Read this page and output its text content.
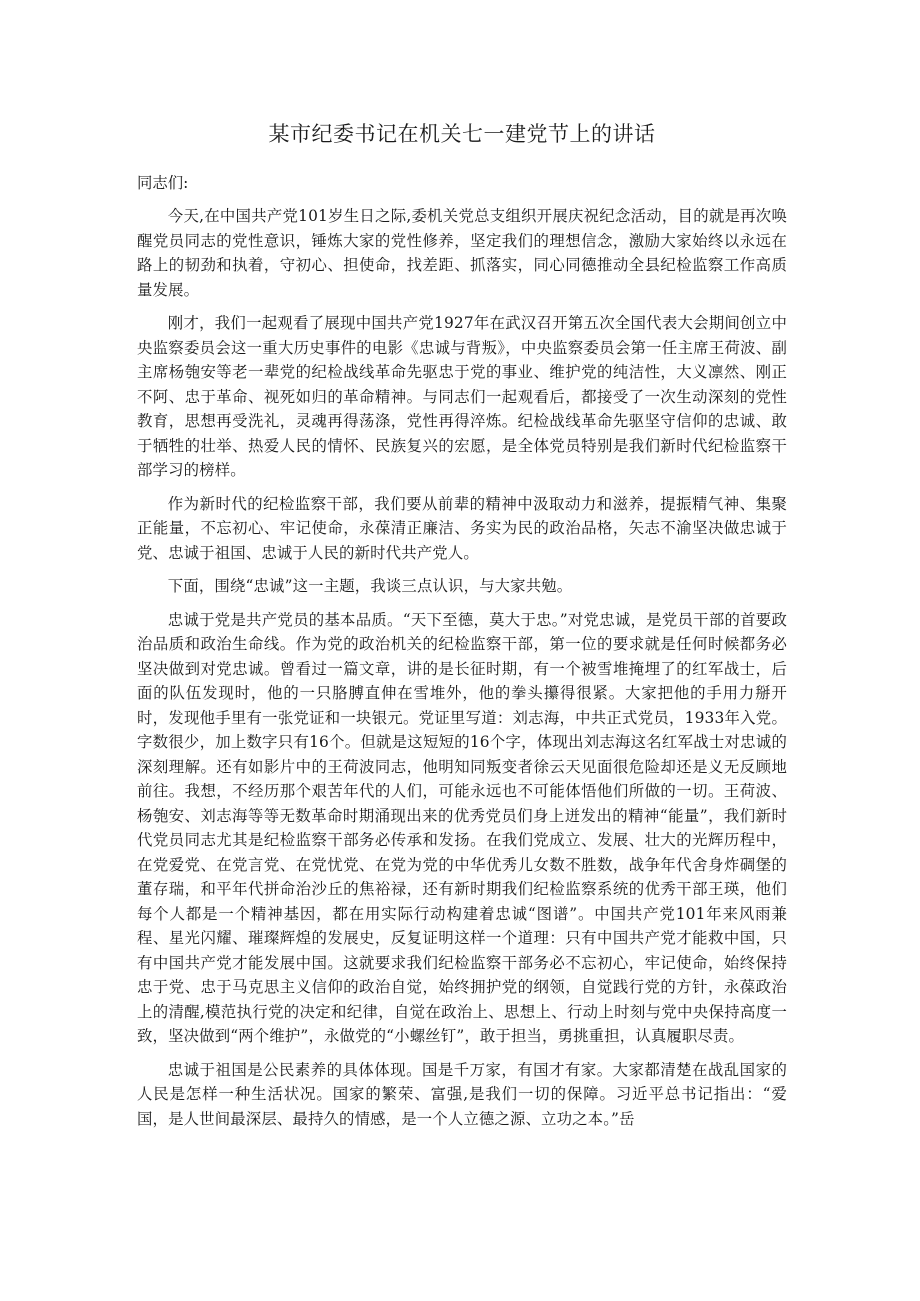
某市纪委书记在机关七一建党节上的讲话

同志们:

今天,在中国共产党101岁生日之际,委机关党总支组织开展庆祝纪念活动，目的就是再次唤醒党员同志的党性意识，锤炼大家的党性修养，坚定我们的理想信念，激励大家始终以永远在路上的韧劲和执着，守初心、担使命，找差距、抓落实，同心同德推动全县纪检监察工作高质量发展。

刚才，我们一起观看了展现中国共产党1927年在武汉召开第五次全国代表大会期间创立中央监察委员会这一重大历史事件的电影《忠诚与背叛》，中央监察委员会第一任主席王荷波、副主席杨匏安等老一辈党的纪检战线革命先驱忠于党的事业、维护党的纯洁性，大义凛然、刚正不阿、忠于革命、视死如归的革命精神。与同志们一起观看后，都接受了一次生动深刻的党性教育，思想再受洗礼，灵魂再得荡涤，党性再得淬炼。纪检战线革命先驱坚守信仰的忠诚、敢于牺牲的壮举、热爱人民的情怀、民族复兴的宏愿，是全体党员特别是我们新时代纪检监察干部学习的榜样。

作为新时代的纪检监察干部，我们要从前辈的精神中汲取动力和滋养，提振精气神、集聚正能量，不忘初心、牢记使命，永葆清正廉洁、务实为民的政治品格，矢志不渝坚决做忠诚于党、忠诚于祖国、忠诚于人民的新时代共产党人。

下面，围绕“忠诚”这一主题，我谈三点认识，与大家共勉。

忠诚于党是共产党员的基本品质。“天下至德，莫大于忠。”对党忠诚，是党员干部的首要政治品质和政治生命线。作为党的政治机关的纪检监察干部，第一位的要求就是任何时候都务必坚决做到对党忠诚。曾看过一篇文章，讲的是长征时期，有一个被雪堆掩埋了的红军战士，后面的队伍发现时，他的一只胳膊直伸在雪堆外，他的拳头攥得很紧。大家把他的手用力掰开时，发现他手里有一张党证和一块银元。党证里写道：刘志海，中共正式党员，1933年入党。字数很少，加上数字只有16个。但就是这短短的16个字，体现出刘志海这名红军战士对忠诚的深刻理解。还有如影片中的王荷波同志，他明知同叛变者徐云天见面很危险却还是义无反顾地前往。我想，不经历那个艰苦年代的人们，可能永远也不可能体悟他们所做的一切。王荷波、杨匏安、刘志海等等无数革命时期涌现出来的优秀党员们身上迸发出的精神“能量”，我们新时代党员同志尤其是纪检监察干部务必传承和发扬。在我们党成立、发展、壮大的光辉历程中，在党爱党、在党言党、在党忧党、在党为党的中华优秀儿女数不胜数，战争年代舍身炸碉堡的董存瑞，和平年代拼命治沙丘的焦裕禄，还有新时期我们纪检监察系统的优秀干部王瑛，他们每个人都是一个精神基因，都在用实际行动构建着忠诚“图谱”。中国共产党101年来风雨兼程、星光闪耀、璀璨辉煌的发展史，反复证明这样一个道理：只有中国共产党才能救中国，只有中国共产党才能发展中国。这就要求我们纪检监察干部务必不忘初心，牢记使命，始终保持忠于党、忠于马克思主义信仰的政治自觉，始终拥护党的纲领，自觉践行党的方针，永葆政治上的清醒,模范执行党的决定和纪律，自觉在政治上、思想上、行动上时刻与党中央保持高度一致，坚决做到“两个维护”，永做党的“小螺丝钉”，敢于担当，勇挑重担，认真履职尽责。

忠诚于祖国是公民素养的具体体现。国是千万家，有国才有家。大家都清楚在战乱国家的人民是怎样一种生活状况。国家的繁荣、富强,是我们一切的保障。习近平总书记指出：“爱国，是人世间最深层、最持久的情感，是一个人立德之源、立功之本。”岳
